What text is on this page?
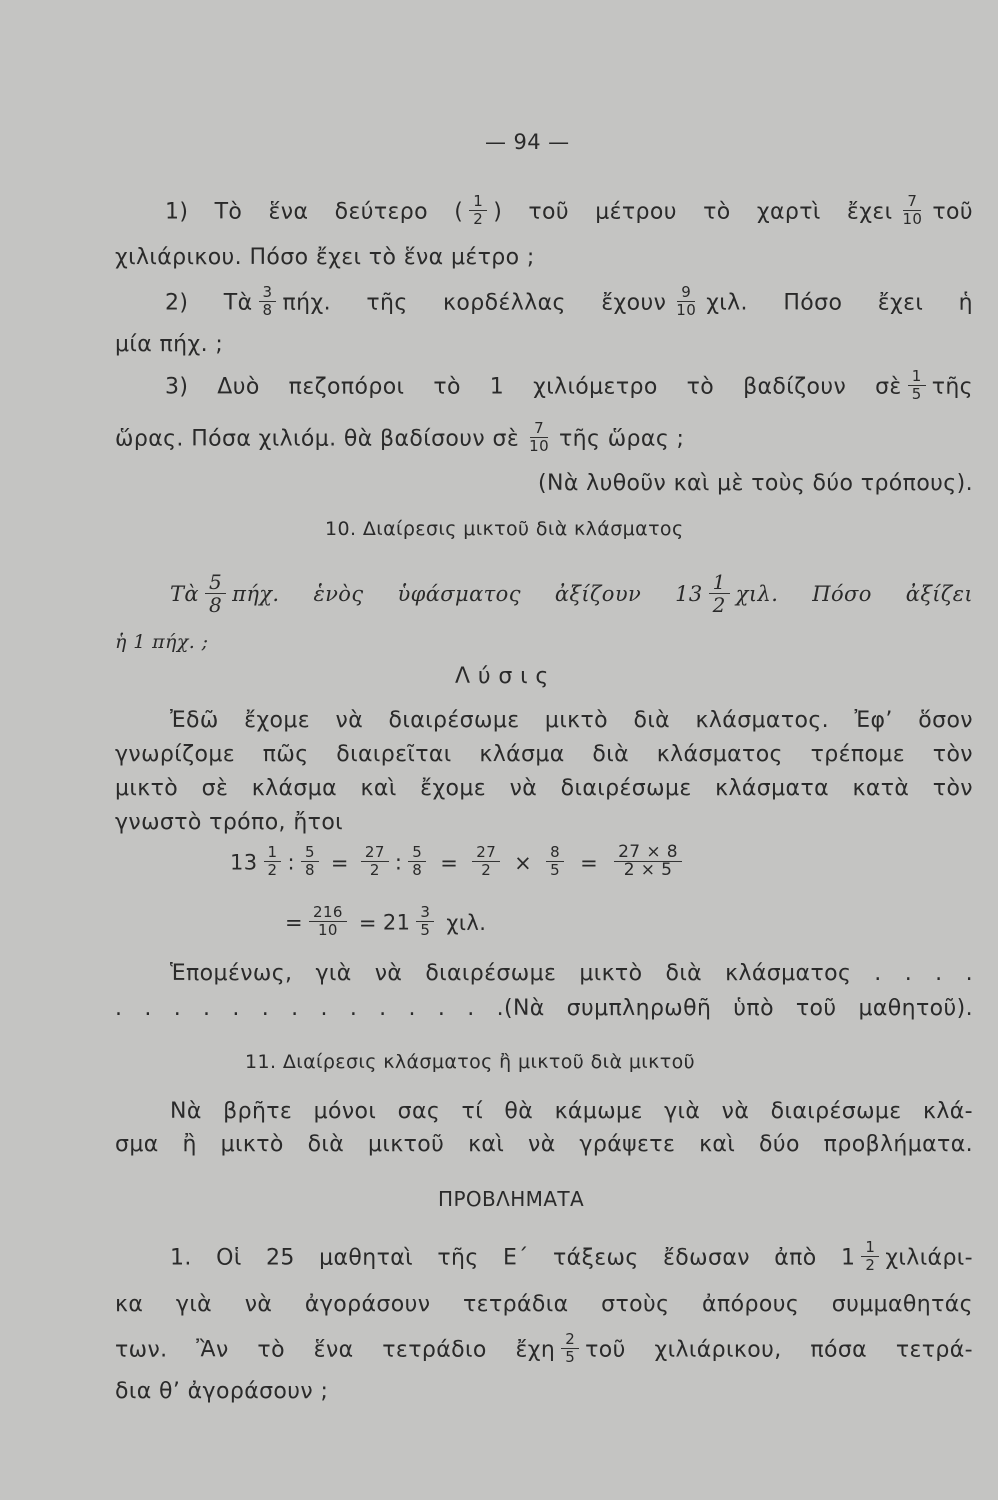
— 94 —
1) Τὸ ἕνα δεύτερο ( $\frac{1}{2}$ ) τοῦ μέτρου τὸ χαρτὶ ἔχει $\frac{7}{10}$ τοῦ
χιλιάρικου. Πόσο ἔχει τὸ ἕνα μέτρο ;
2) Τὰ $\frac{3}{8} \pi ή\chi$. τῆς κορδέλλας ἔχουν $\frac{9}{10} \chi\iota\lambda$. Πόσο ἔχει ἡ
μία πήχ. ;
3) Δυὸ πεζοπόροι τὸ 1 χιλιόμετρο τὸ βαδίζουν σὲ $\frac{1}{5}$ τῆς
ὥρας. Πόσα χιλιόμ. θὰ βαδίσουν σὲ $\frac{7}{10}$ τῆς ὥρας ;
(Νὰ λυθοῦν καὶ μὲ τοὺς δύο τρόπους).
10. Διαίρεσις μικτοῦ διὰ κλάσματος
Τὰ $\frac{5}{8} \pi ή\chi$. ἑνὸς ὑφάσματος ἀξίζουν $13 \frac{1}{2} \chi\iota\lambda$. Πόσο ἀξίζει
ἡ 1 πήχ. ;
Λ ύ σ ι ς
Ἐδῶ ἔχομε νὰ διαιρέσωμε μικτὸ διὰ κλάσματος. Ἐφ’ ὅσον
γνωρίζομε πῶς διαιρεῖται κλάσμα διὰ κλάσματος τρέπομε τὸν
μικτὸ σὲ κλάσμα καὶ ἔχομε νὰ διαιρέσωμε κλάσματα κατὰ τὸν
γνωστὸ τρόπο, ἤτοι
$13 \frac{1}{2}$ : $\frac{5}{8} = \frac{27}{2}$ : $\frac{5}{8} = \frac{27}{2} \times \frac{8}{5} = \frac{27 \times 8}{2 \times 5}$
= $\frac{216}{10} = 21 \frac{3}{5} \chi\iota\lambda$.
Ἑπομένως, γιὰ νὰ διαιρέσωμε μικτὸ διὰ κλάσματος . . . .
. . . . . . . . . . . . . .(Νὰ συμπληρωθῆ ὑπὸ τοῦ μαθητοῦ).
11. Διαίρεσις κλάσματος ἢ μικτοῦ διὰ μικτοῦ
Νὰ βρῆτε μόνοι σας τί θὰ κάμωμε γιὰ νὰ διαιρέσωμε κλά-
σμα ἢ μικτὸ διὰ μικτοῦ καὶ νὰ γράψετε καὶ δύο προβλήματα.
ΠΡΟΒΛΗΜΑΤΑ
1. Οἱ 25 μαθηταὶ τῆς Ε΄ τάξεως ἔδωσαν ἀπὸ $1 \frac{1}{2} \chi\iota\lambda\iota ά\rho\iota-$
κα γιὰ νὰ ἀγοράσουν τετράδια στοὺς ἀπόρους συμμαθητάς
των. Ἂν τὸ ἕνα τετράδιο ἔχη $\frac{2}{5}$ τοῦ χιλιάρικου, πόσα τετρά-
δια θ’ ἀγοράσουν ;
